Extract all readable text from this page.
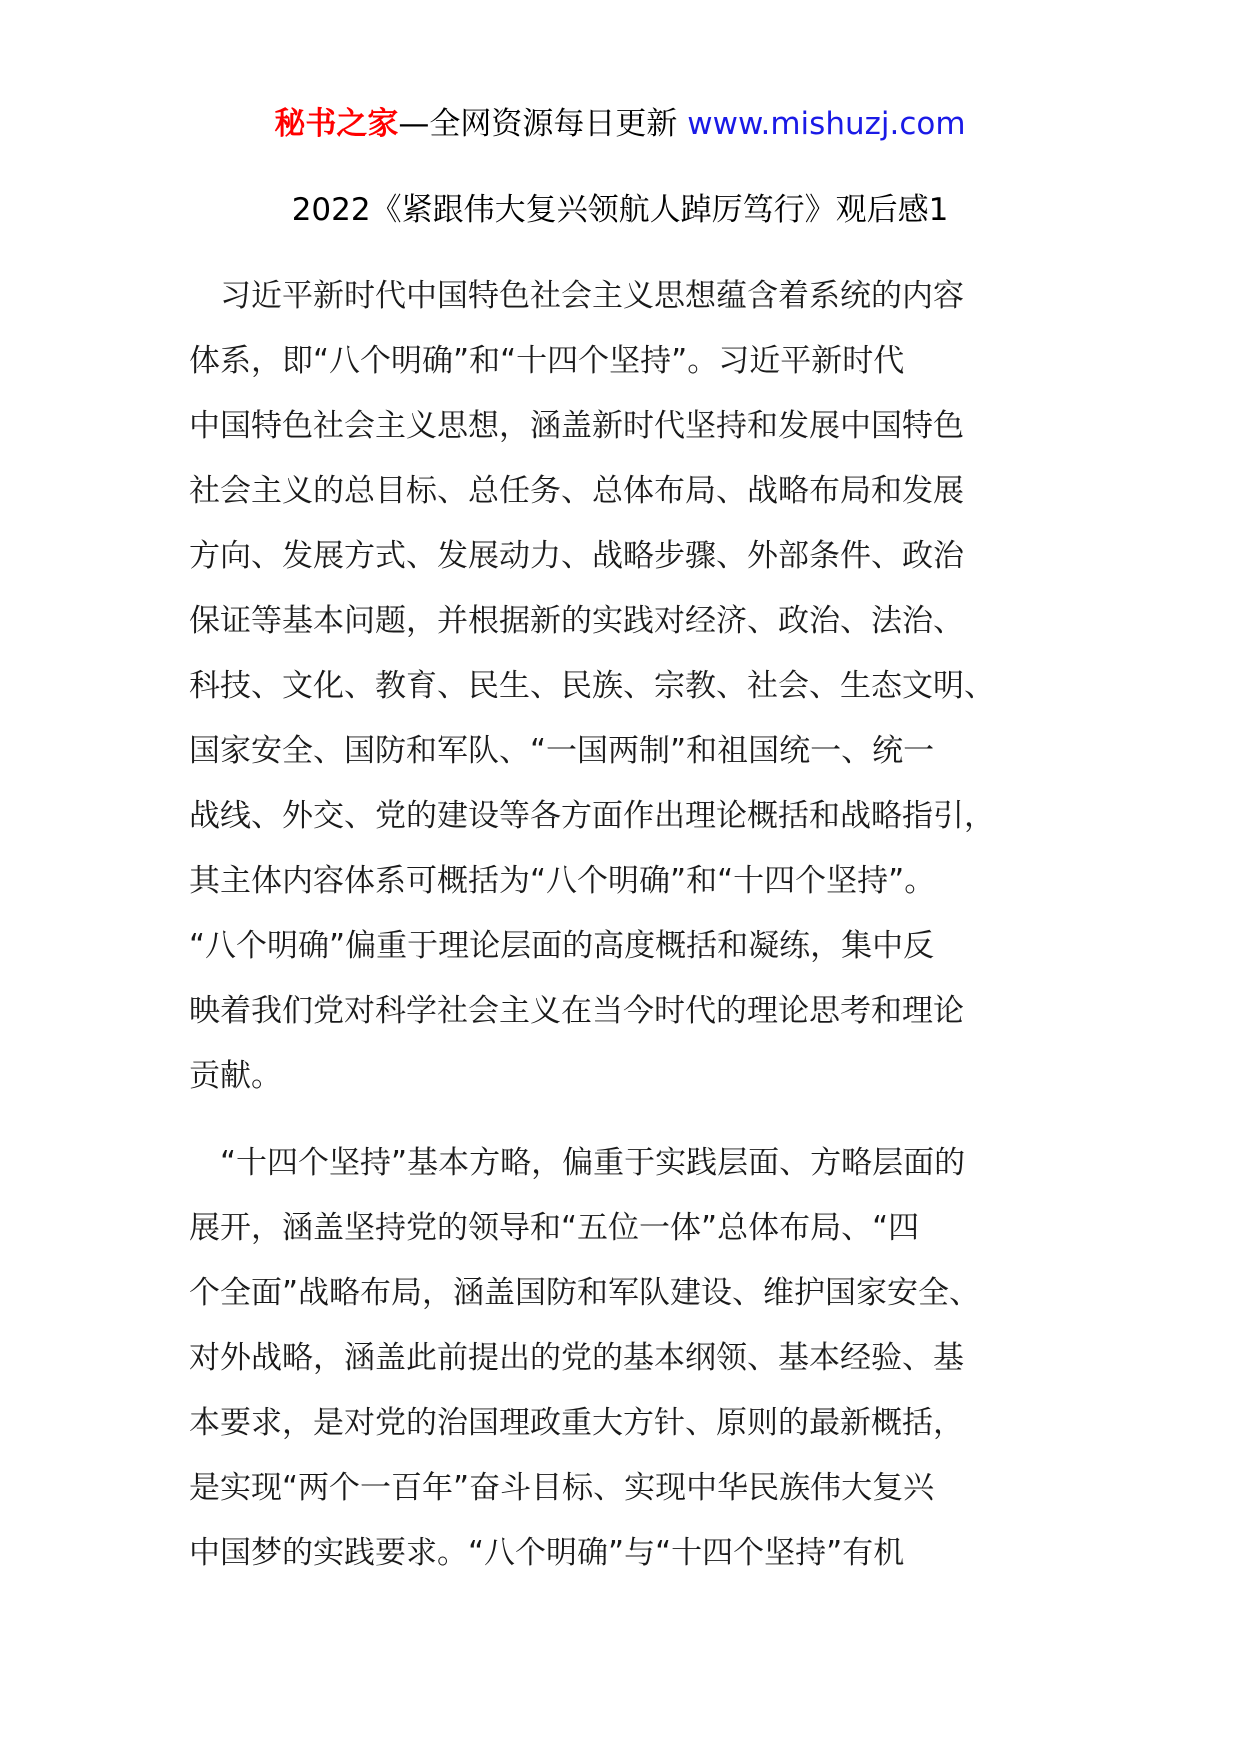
秘书之家—全网资源每日更新 www.mishuzj.com
2022《紧跟伟大复兴领航人踔厉笃行》观后感1
　习近平新时代中国特色社会主义思想蕴含着系统的内容
体系，即“八个明确”和“十四个坚持”。习近平新时代
中国特色社会主义思想，涵盖新时代坚持和发展中国特色
社会主义的总目标、总任务、总体布局、战略布局和发展
方向、发展方式、发展动力、战略步骤、外部条件、政治
保证等基本问题，并根据新的实践对经济、政治、法治、
科技、文化、教育、民生、民族、宗教、社会、生态文明、
国家安全、国防和军队、“一国两制”和祖国统一、统一
战线、外交、党的建设等各方面作出理论概括和战略指引，
其主体内容体系可概括为“八个明确”和“十四个坚持”。
“八个明确”偏重于理论层面的高度概括和凝练，集中反
映着我们党对科学社会主义在当今时代的理论思考和理论
贡献。
　“十四个坚持”基本方略，偏重于实践层面、方略层面的
展开，涵盖坚持党的领导和“五位一体”总体布局、“四
个全面”战略布局，涵盖国防和军队建设、维护国家安全、
对外战略，涵盖此前提出的党的基本纲领、基本经验、基
本要求，是对党的治国理政重大方针、原则的最新概括，
是实现“两个一百年”奋斗目标、实现中华民族伟大复兴
中国梦的实践要求。“八个明确”与“十四个坚持”有机
